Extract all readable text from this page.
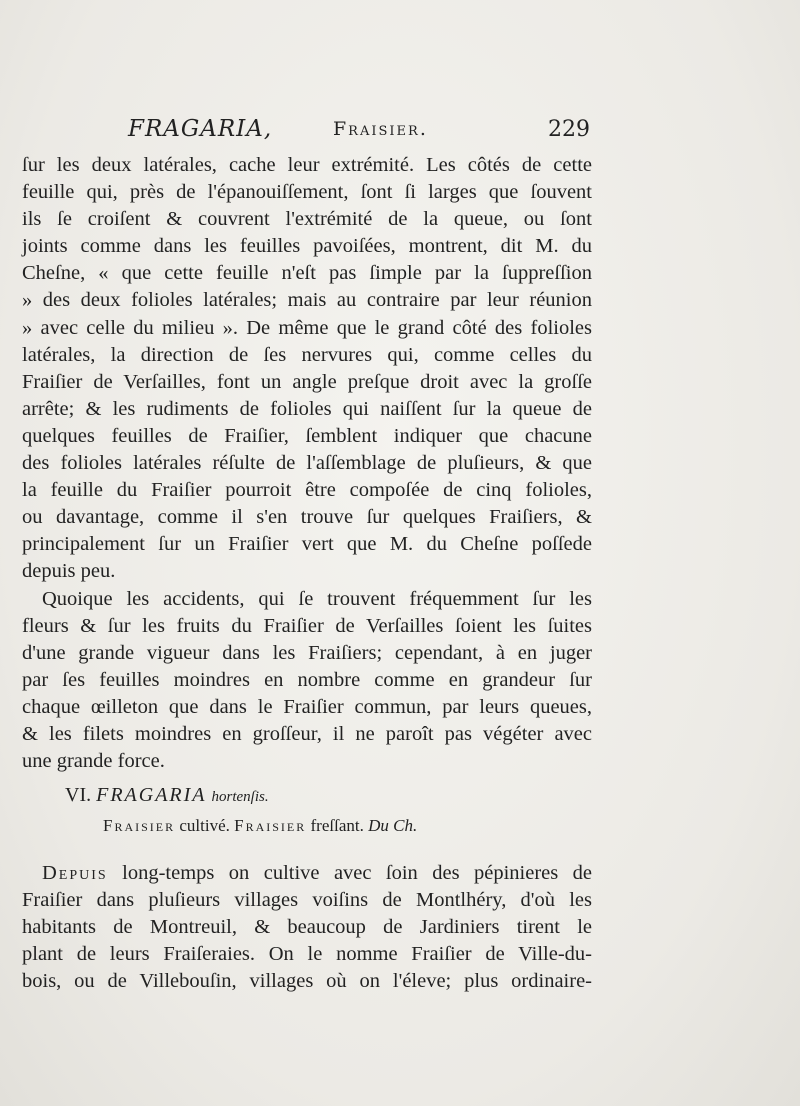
FRAGARIA,	Fraisier.	229
ſur les deux latérales, cache leur extrémité. Les côtés de cette
feuille qui, près de l'épanouiſſement, ſont ſi larges que ſouvent
ils ſe croiſent & couvrent l'extrémité de la queue, ou ſont
joints comme dans les feuilles pavoiſées, montrent, dit M. du
Cheſne, « que cette feuille n'eſt pas ſimple par la ſuppreſſion
» des deux folioles latérales; mais au contraire par leur réunion
» avec celle du milieu ». De même que le grand côté des folioles
latérales, la direction de ſes nervures qui, comme celles du
Fraiſier de Verſailles, font un angle preſque droit avec la groſſe
arrête; & les rudiments de folioles qui naiſſent ſur la queue de
quelques feuilles de Fraiſier, ſemblent indiquer que chacune
des folioles latérales réſulte de l'aſſemblage de pluſieurs, & que
la feuille du Fraiſier pourroit être compoſée de cinq folioles,
ou davantage, comme il s'en trouve ſur quelques Fraiſiers, &
principalement ſur un Fraiſier vert que M. du Cheſne poſſede
depuis peu.
Quoique les accidents, qui ſe trouvent fréquemment ſur les
fleurs & ſur les fruits du Fraiſier de Verſailles ſoient les ſuites
d'une grande vigueur dans les Fraiſiers; cependant, à en juger
par ſes feuilles moindres en nombre comme en grandeur ſur
chaque œilleton que dans le Fraiſier commun, par leurs queues,
& les filets moindres en groſſeur, il ne paroît pas végéter avec
une grande force.
VI. FRAGARIA hortenſis.
Fraisier cultivé. Fraisier freſſant. Du Ch.
Depuis long-temps on cultive avec ſoin des pépinieres de
Fraiſier dans pluſieurs villages voiſins de Montlhéry, d'où les
habitants de Montreuil, & beaucoup de Jardiniers tirent le
plant de leurs Fraiſeraies. On le nomme Fraiſier de Ville-du-
bois, ou de Villebouſin, villages où on l'éleve; plus ordinaire-
